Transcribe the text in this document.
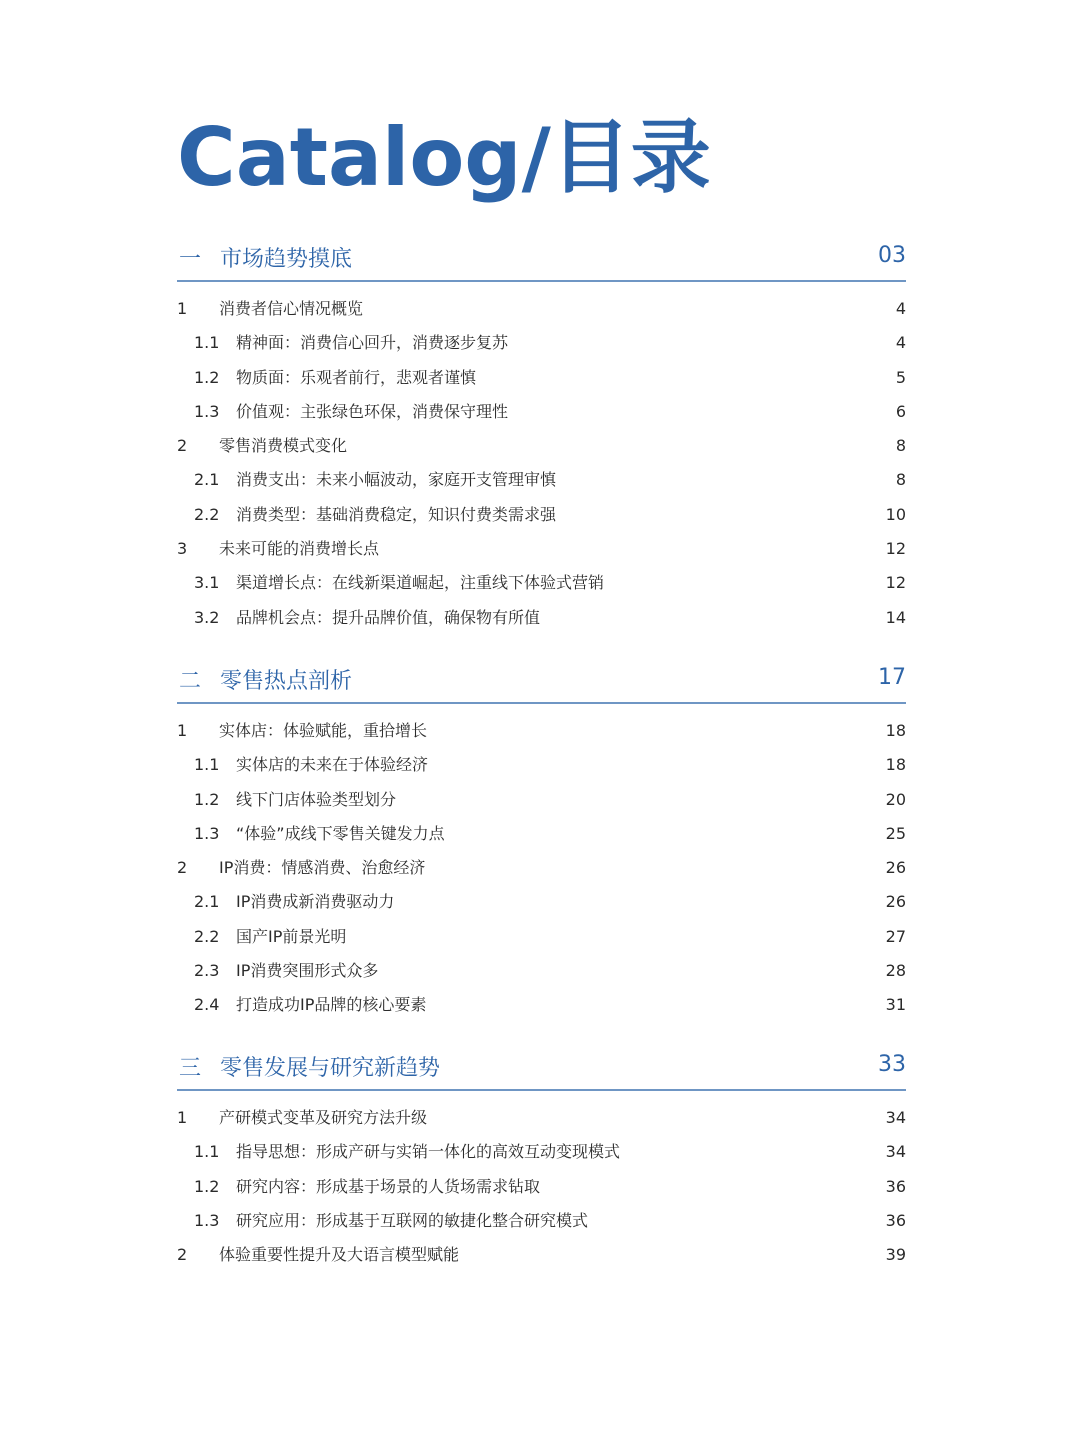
Catalog/目录
一 市场趋势摸底	03
1 消费者信心情况概览	4
1.1 精神面：消费信心回升，消费逐步复苏	4
1.2 物质面：乐观者前行，悲观者谨慎	5
1.3 价值观：主张绿色环保，消费保守理性	6
2 零售消费模式变化	8
2.1 消费支出：未来小幅波动，家庭开支管理审慎	8
2.2 消费类型：基础消费稳定，知识付费类需求强	10
3 未来可能的消费增长点	12
3.1 渠道增长点：在线新渠道崛起，注重线下体验式营销	12
3.2 品牌机会点：提升品牌价值，确保物有所值	14
二 零售热点剖析	17
1 实体店：体验赋能，重拾增长	18
1.1 实体店的未来在于体验经济	18
1.2 线下门店体验类型划分	20
1.3 “体验”成线下零售关键发力点	25
2 IP消费：情感消费、治愈经济	26
2.1 IP消费成新消费驱动力	26
2.2 国产IP前景光明	27
2.3 IP消费突围形式众多	28
2.4 打造成功IP品牌的核心要素	31
三 零售发展与研究新趋势	33
1 产研模式变革及研究方法升级	34
1.1 指导思想：形成产研与实销一体化的高效互动变现模式	34
1.2 研究内容：形成基于场景的人货场需求钻取	36
1.3 研究应用：形成基于互联网的敏捷化整合研究模式	36
2 体验重要性提升及大语言模型赋能	39
